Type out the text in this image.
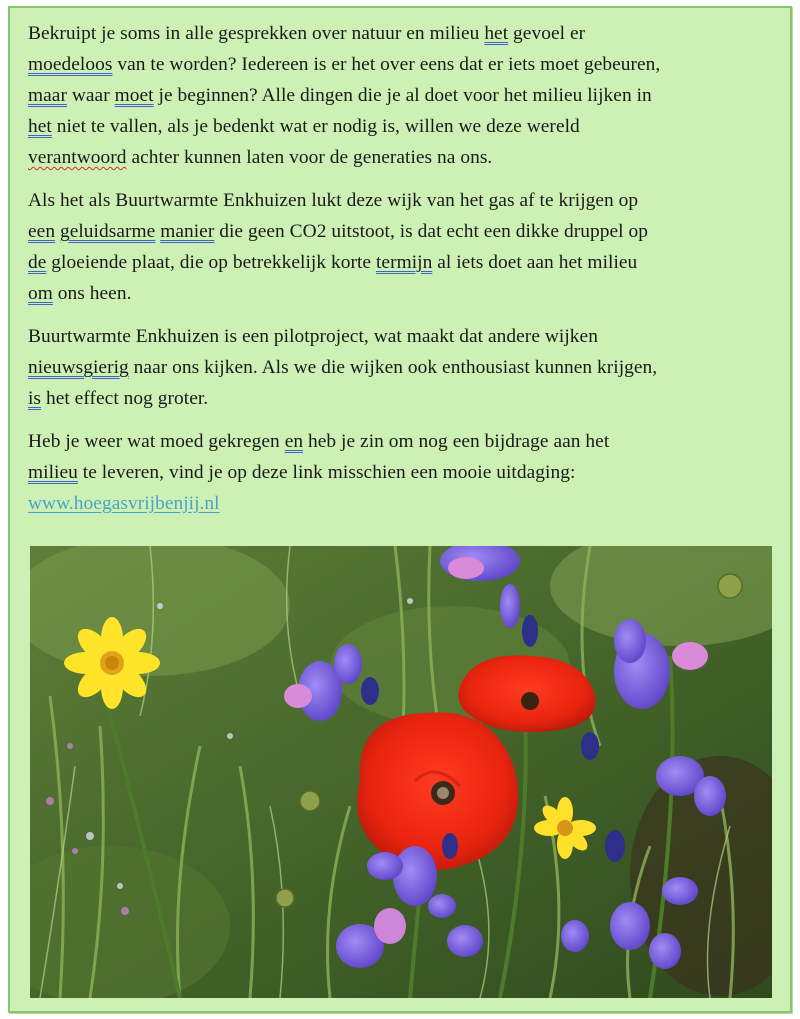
Bekruipt je soms in alle gesprekken over natuur en milieu het gevoel er
moedeloos van te worden? Iedereen is er het over eens dat er iets moet gebeuren,
maar waar moet je beginnen? Alle dingen die je al doet voor het milieu lijken in
het niet te vallen, als je bedenkt wat er nodig is, willen we deze wereld
verantwoord achter kunnen laten voor de generaties na ons.

Als het als Buurtwarmte Enkhuizen lukt deze wijk van het gas af te krijgen op
een geluidsarme manier die geen CO2 uitstoot, is dat echt een dikke druppel op
de gloeiende plaat, die op betrekkelijk korte termijn al iets doet aan het milieu
om ons heen.

Buurtwarmte Enkhuizen is een pilotproject, wat maakt dat andere wijken
nieuwsgierig naar ons kijken. Als we die wijken ook enthousiast kunnen krijgen,
is het effect nog groter.

Heb je weer wat moed gekregen en heb je zin om nog een bijdrage aan het
milieu te leveren, vind je op deze link misschien een mooie uitdaging:
www.hoegasvrijbenjij.nl
